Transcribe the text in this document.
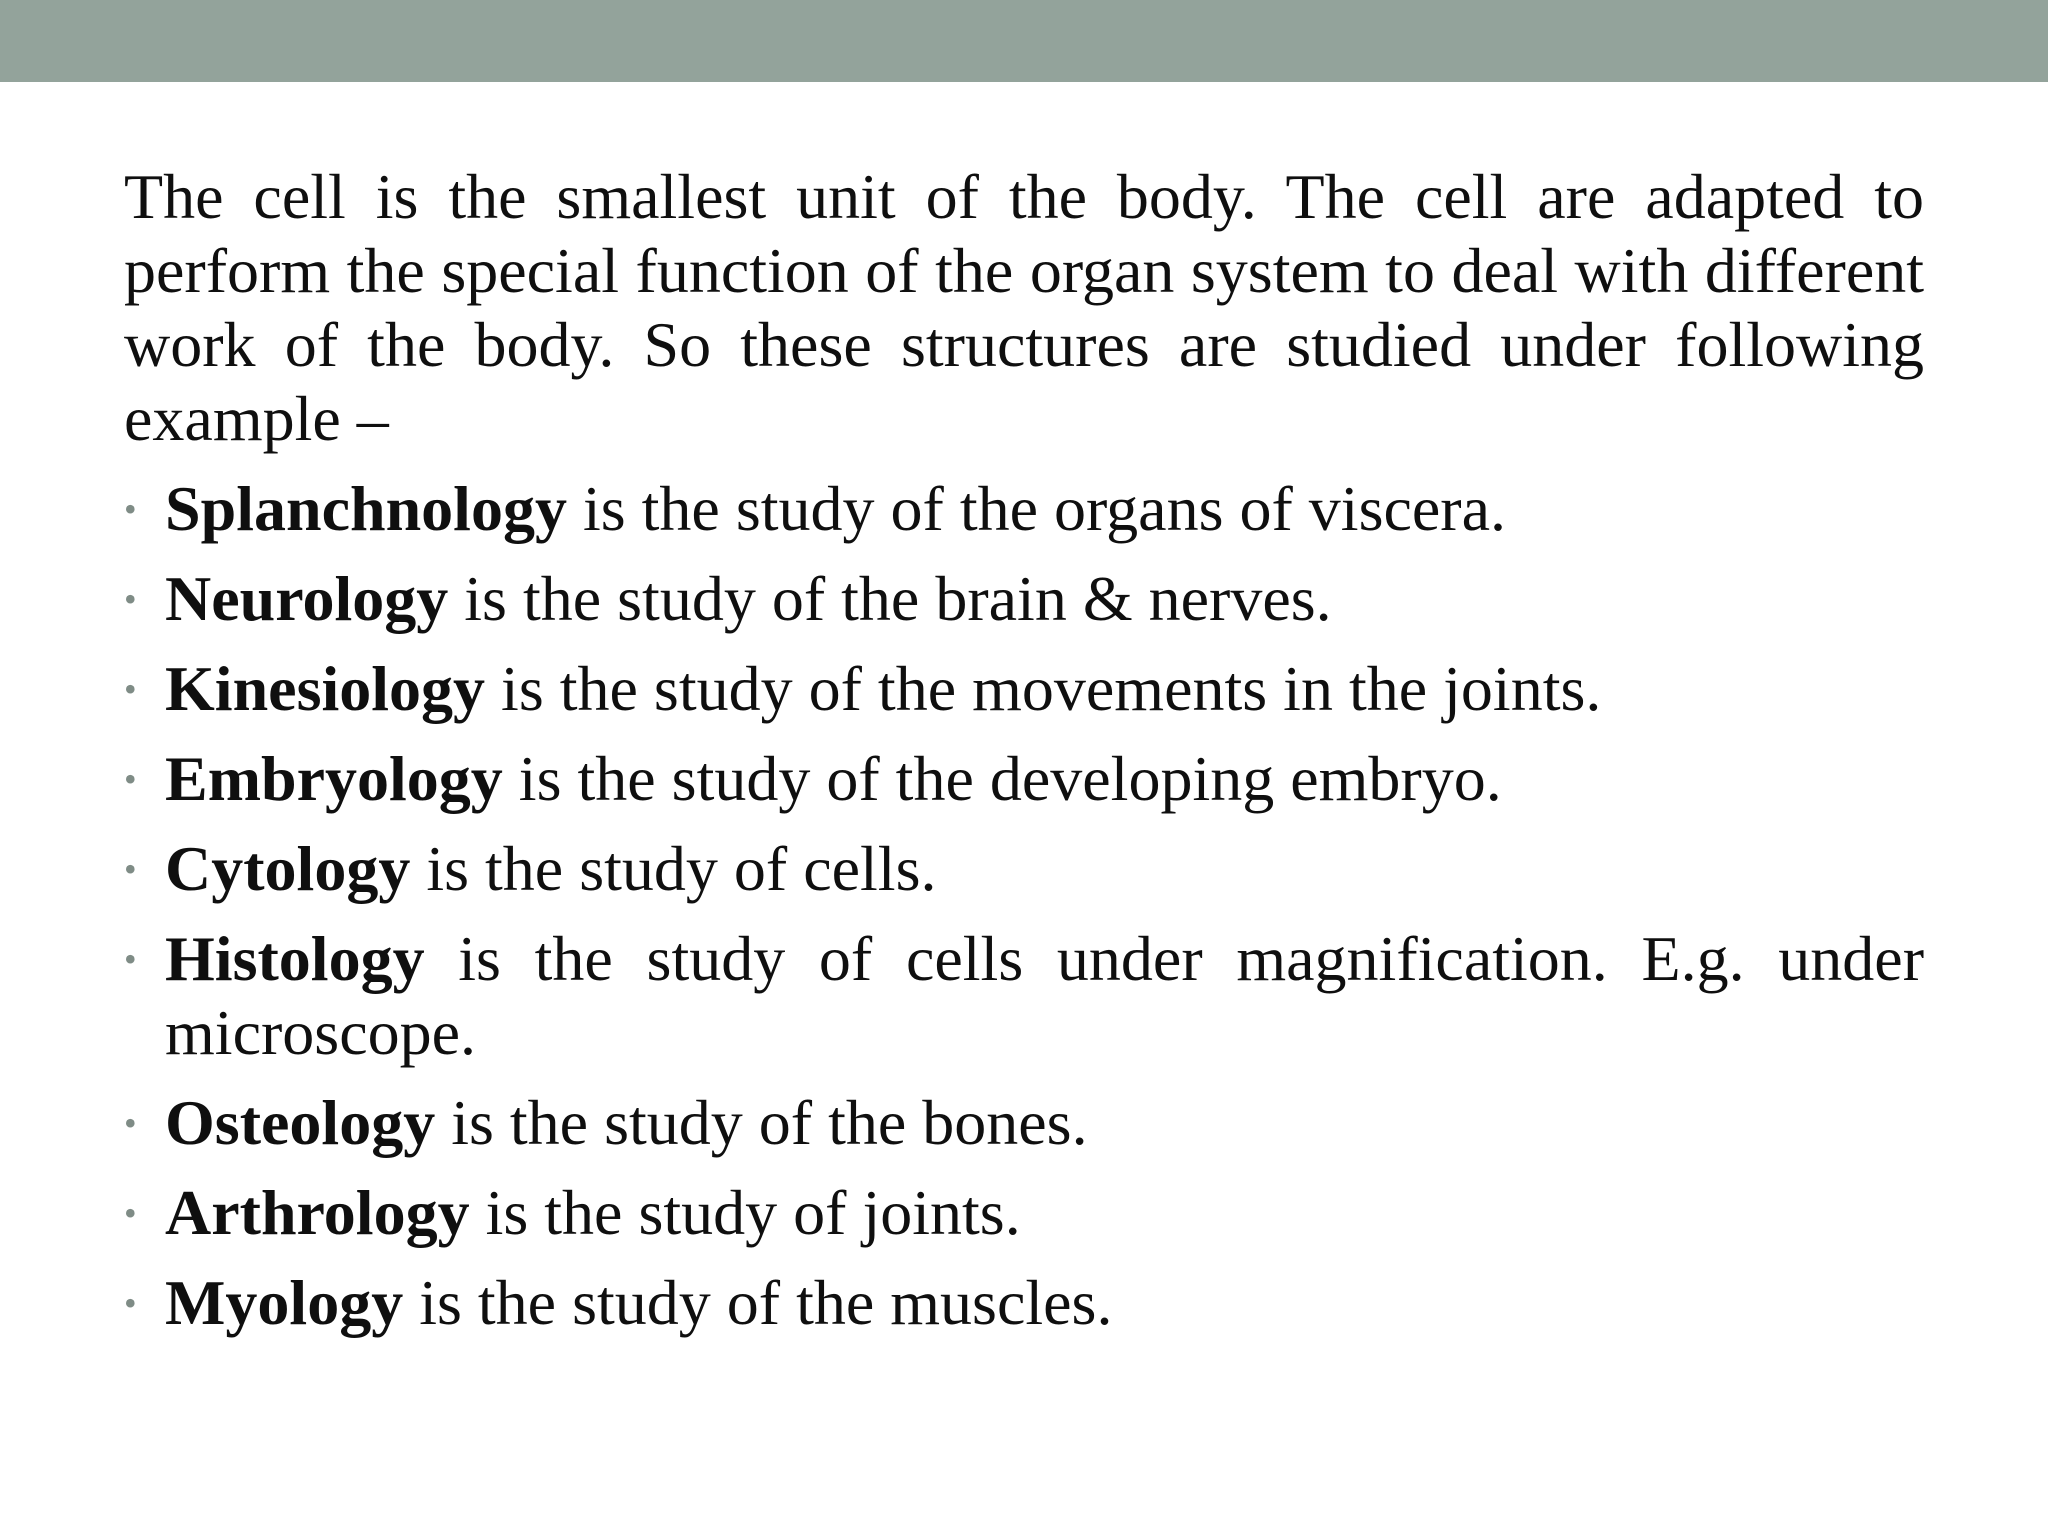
The cell is the smallest unit of the body. The cell are adapted to perform the special function of the organ system to deal with different work of the body. So these structures are studied under following example –

• Splanchnology is the study of the organs of viscera.
• Neurology is the study of the brain & nerves.
• Kinesiology is the study of the movements in the joints.
• Embryology is the study of the developing embryo.
• Cytology is the study of cells.
• Histology is the study of cells under magnification. E.g. under microscope.
• Osteology is the study of the bones.
• Arthrology is the study of joints.
• Myology is the study of the muscles.
